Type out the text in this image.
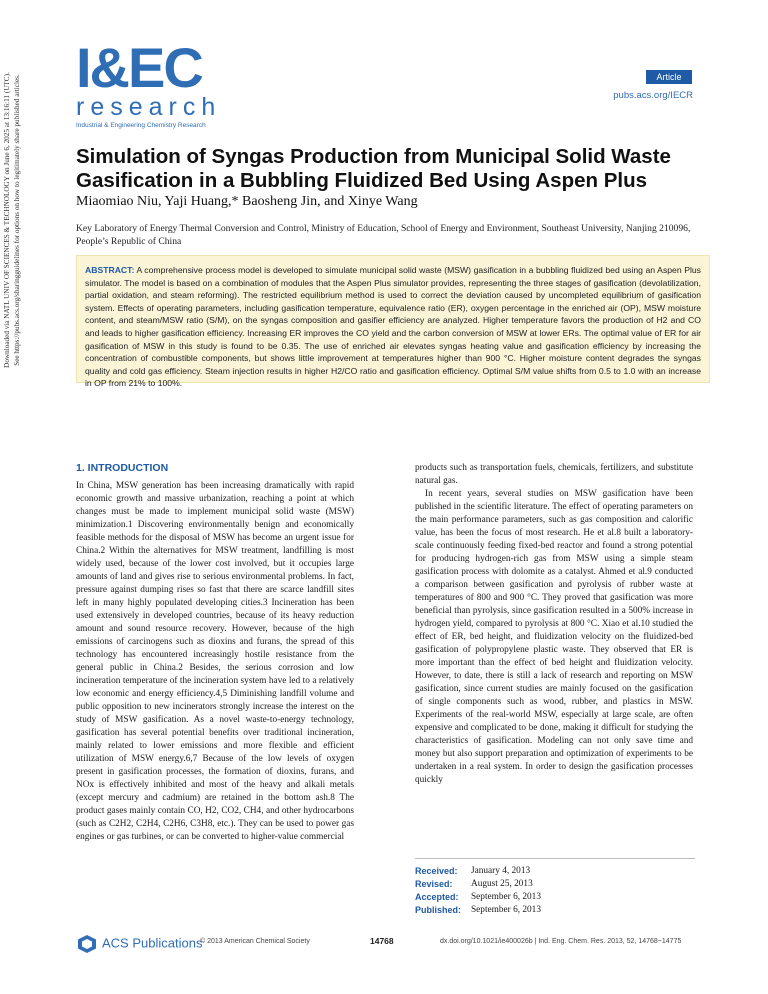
Downloaded via NATL UNIV OF SCIENCES & TECHNOLOGY on June 6, 2025 at 13:16:11 (UTC). See https://pubs.acs.org/sharingguidelines for options on how to legitimately share published articles.
I&EC
research
Industrial & Engineering Chemistry Research
Article
pubs.acs.org/IECR
Simulation of Syngas Production from Municipal Solid Waste Gasification in a Bubbling Fluidized Bed Using Aspen Plus
Miaomiao Niu, Yaji Huang,* Baosheng Jin, and Xinye Wang
Key Laboratory of Energy Thermal Conversion and Control, Ministry of Education, School of Energy and Environment, Southeast University, Nanjing 210096, People’s Republic of China
ABSTRACT: A comprehensive process model is developed to simulate municipal solid waste (MSW) gasification in a bubbling fluidized bed using an Aspen Plus simulator. The model is based on a combination of modules that the Aspen Plus simulator provides, representing the three stages of gasification (devolatilization, partial oxidation, and steam reforming). The restricted equilibrium method is used to correct the deviation caused by uncompleted equilibrium of gasification system. Effects of operating parameters, including gasification temperature, equivalence ratio (ER), oxygen percentage in the enriched air (OP), MSW moisture content, and steam/MSW ratio (S/M), on the syngas composition and gasifier efficiency are analyzed. Higher temperature favors the production of H2 and CO and leads to higher gasification efficiency. Increasing ER improves the CO yield and the carbon conversion of MSW at lower ERs. The optimal value of ER for air gasification of MSW in this study is found to be 0.35. The use of enriched air elevates syngas heating value and gasification efficiency by increasing the concentration of combustible components, but shows little improvement at temperatures higher than 900 °C. Higher moisture content degrades the syngas quality and cold gas efficiency. Steam injection results in higher H2/CO ratio and gasification efficiency. Optimal S/M value shifts from 0.5 to 1.0 with an increase in OP from 21% to 100%.
1. INTRODUCTION

In China, MSW generation has been increasing dramatically with rapid economic growth and massive urbanization, reaching a point at which changes must be made to implement municipal solid waste (MSW) minimization.1 Discovering environmentally benign and economically feasible methods for the disposal of MSW has become an urgent issue for China.2 Within the alternatives for MSW treatment, landfilling is most widely used, because of the lower cost involved, but it occupies large amounts of land and gives rise to serious environmental problems. In fact, pressure against dumping rises so fast that there are scarce landfill sites left in many highly populated developing cities.3 Incineration has been used extensively in developed countries, because of its heavy reduction amount and sound resource recovery. However, because of the high emissions of carcinogens such as dioxins and furans, the spread of this technology has encountered increasingly hostile resistance from the general public in China.2 Besides, the serious corrosion and low incineration temperature of the incineration system have led to a relatively low economic and energy efficiency.4,5 Diminishing landfill volume and public opposition to new incinerators strongly increase the interest on the study of MSW gasification. As a novel waste-to-energy technology, gasification has several potential benefits over traditional incineration, mainly related to lower emissions and more flexible and efficient utilization of MSW energy.6,7 Because of the low levels of oxygen present in gasification processes, the formation of dioxins, furans, and NOx is effectively inhibited and most of the heavy and alkali metals (except mercury and cadmium) are retained in the bottom ash.8 The product gases mainly contain CO, H2, CO2, CH4, and other hydrocarbons (such as C2H2, C2H4, C2H6, C3H8, etc.). They can be used to power gas engines or gas turbines, or can be converted to higher-value commercial

products such as transportation fuels, chemicals, fertilizers, and substitute natural gas.

In recent years, several studies on MSW gasification have been published in the scientific literature. The effect of operating parameters on the main performance parameters, such as gas composition and calorific value, has been the focus of most research. He et al.8 built a laboratory-scale continuously feeding fixed-bed reactor and found a strong potential for producing hydrogen-rich gas from MSW using a simple steam gasification process with dolomite as a catalyst. Ahmed et al.9 conducted a comparison between gasification and pyrolysis of rubber waste at temperatures of 800 and 900 °C. They proved that gasification was more beneficial than pyrolysis, since gasification resulted in a 500% increase in hydrogen yield, compared to pyrolysis at 800 °C. Xiao et al.10 studied the effect of ER, bed height, and fluidization velocity on the fluidized-bed gasification of polypropylene plastic waste. They observed that ER is more important than the effect of bed height and fluidization velocity. However, to date, there is still a lack of research and reporting on MSW gasification, since current studies are mainly focused on the gasification of single components such as wood, rubber, and plastics in MSW. Experiments of the real-world MSW, especially at large scale, are often expensive and complicated to be done, making it difficult for studying the characteristics of gasification. Modeling can not only save time and money but also support preparation and optimization of experiments to be undertaken in a real system. In order to design the gasification processes quickly

Received:	January 4, 2013
Revised:	August 25, 2013
Accepted:	September 6, 2013
Published:	September 6, 2013
ACS Publications
© 2013 American Chemical Society	14768	dx.doi.org/10.1021/ie400026b | Ind. Eng. Chem. Res. 2013, 52, 14768−14775
